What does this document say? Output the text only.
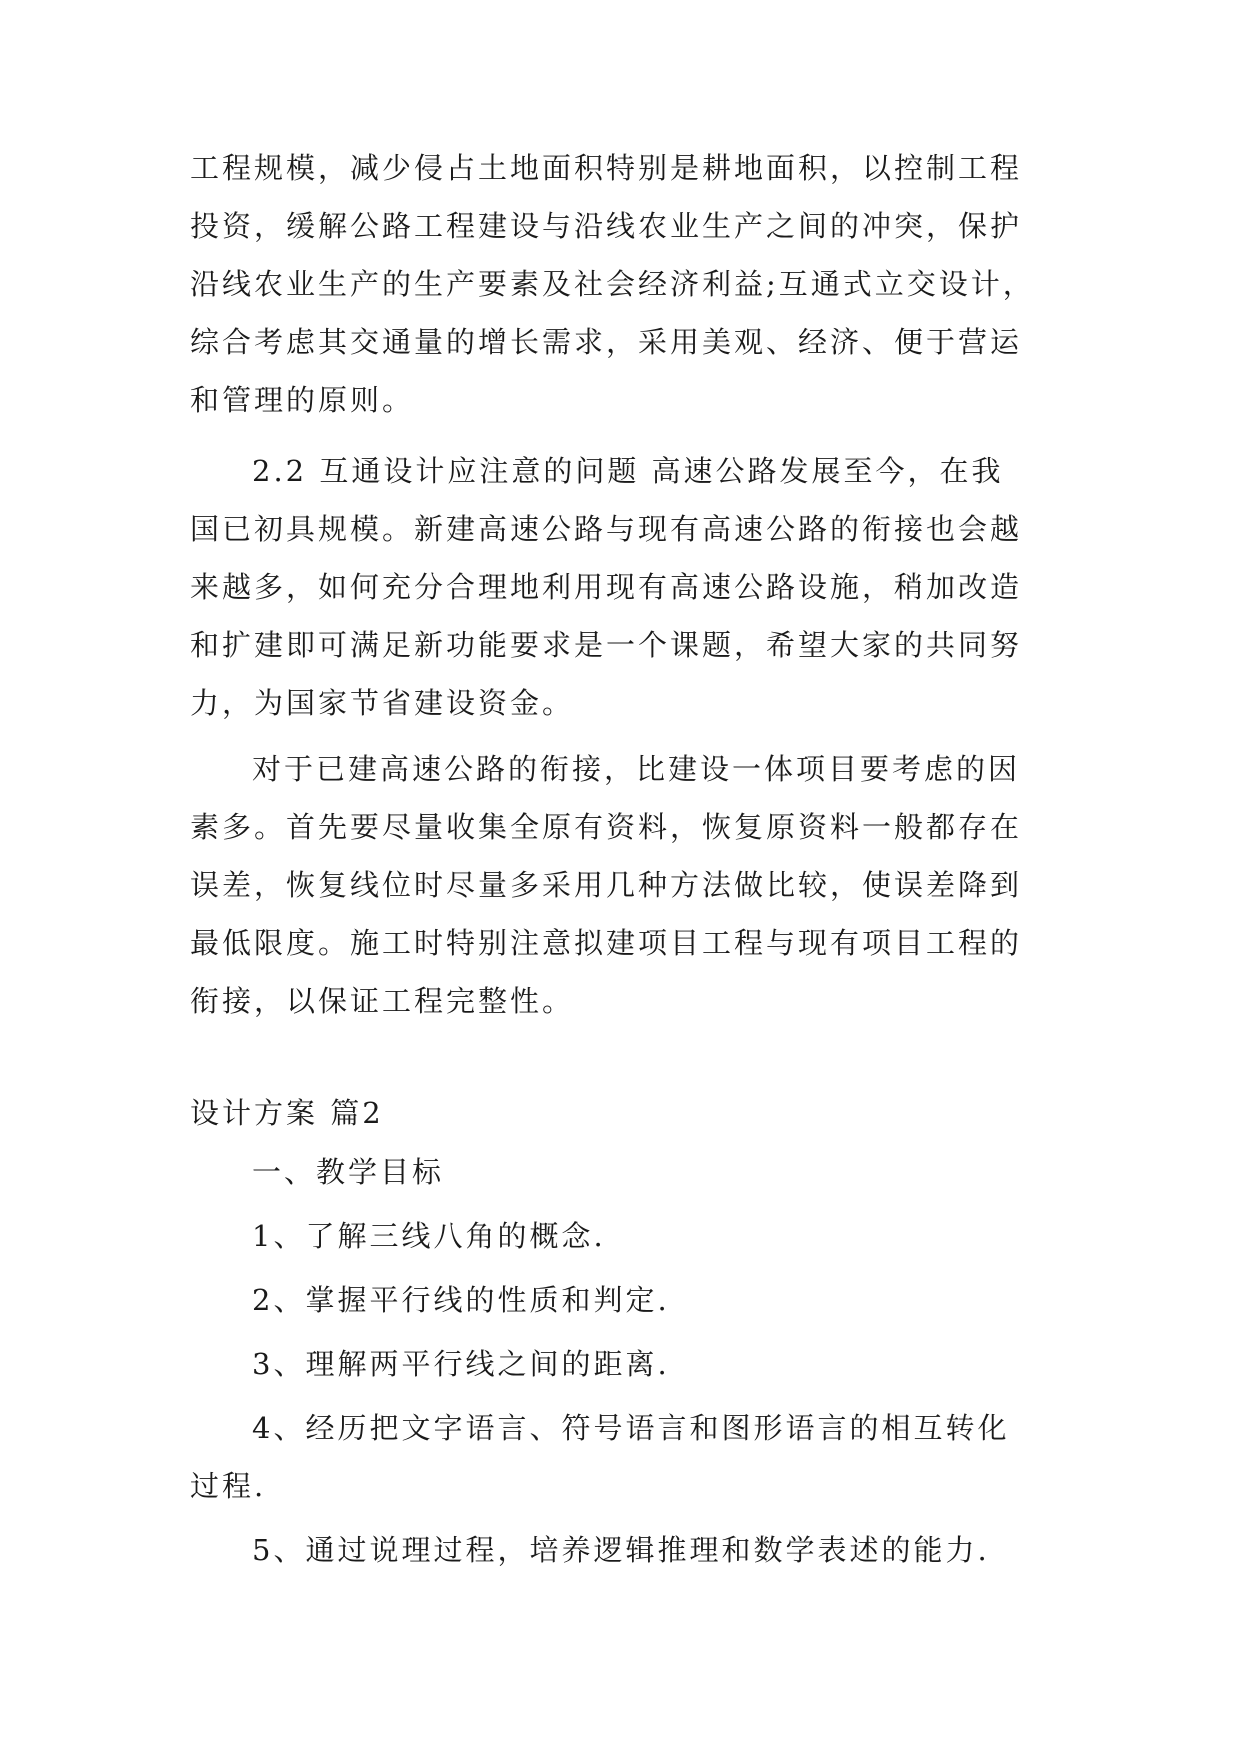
工程规模，减少侵占土地面积特别是耕地面积，以控制工程
投资，缓解公路工程建设与沿线农业生产之间的冲突，保护
沿线农业生产的生产要素及社会经济利益;互通式立交设计，
综合考虑其交通量的增长需求，采用美观、经济、便于营运
和管理的原则。
2.2 互通设计应注意的问题 高速公路发展至今，在我
国已初具规模。新建高速公路与现有高速公路的衔接也会越
来越多，如何充分合理地利用现有高速公路设施，稍加改造
和扩建即可满足新功能要求是一个课题，希望大家的共同努
力，为国家节省建设资金。
对于已建高速公路的衔接，比建设一体项目要考虑的因
素多。首先要尽量收集全原有资料，恢复原资料一般都存在
误差，恢复线位时尽量多采用几种方法做比较，使误差降到
最低限度。施工时特别注意拟建项目工程与现有项目工程的
衔接，以保证工程完整性。
设计方案 篇2
一、教学目标
1、了解三线八角的概念.
2、掌握平行线的性质和判定.
3、理解两平行线之间的距离.
4、经历把文字语言、符号语言和图形语言的相互转化
过程.
5、通过说理过程，培养逻辑推理和数学表述的能力.
